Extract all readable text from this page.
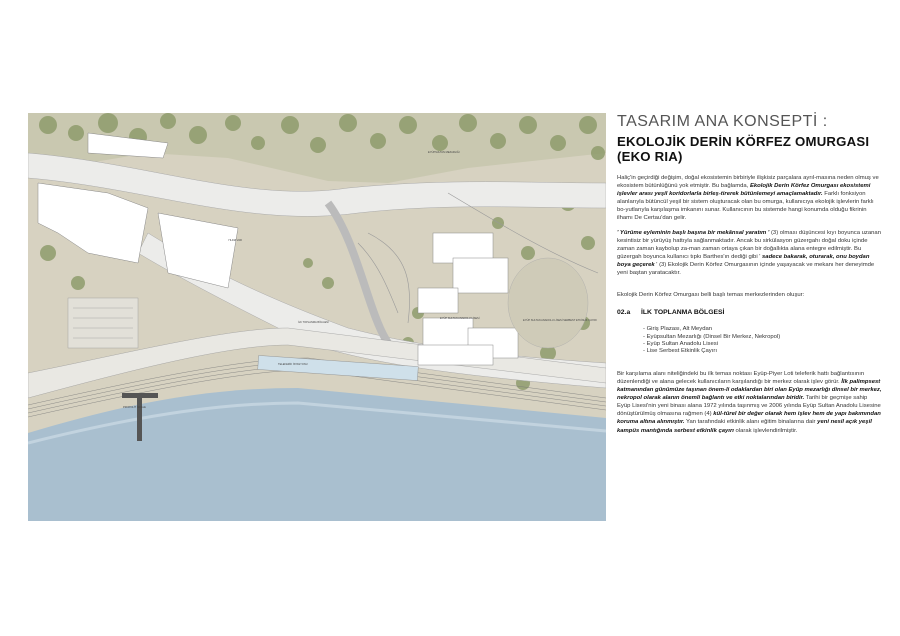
EYÜPSULTAN MEZARLIĞI
EYÜP SULTAN ANADOLU LİSESİ
EYÜP SULTAN ANADOLU LİSESİ SERBEST ETKİNLİK ÇAYIRI
İLK TOPLANMA BÖLGESİ
TELEFERİK İSTASYONU
PROPOLİT İSKELE
YILDIZ VAR

TASARIM ANA KONSEPTİ :

EKOLOJİK DERİN KÖRFEZ OMURGASI
(EKO RIA)

Haliç'in geçirdiği değişim, doğal ekosistemin birbiriyle ilişkisiz parçalara ayrıl-masına neden olmuş ve ekosistem bütünlüğünü yok etmiştir. Bu bağlamda, Ekolojik Derin Körfez Omurgası ekosistemi işlevler arası yeşil koridorlarla birleş-tirerek bütünlemeyi amaçlamaktadır. Farklı fonksiyon alanlarıyla bütüncül yeşil bir sistem oluşturacak olan bu omurga, kullanıcıya ekolojik işlevlerin farklı bo-yutlarıyla karşılaşma imkanını sunar. Kullanıcının bu sistemde hangi konumda olduğu fikrinin ilhamı De Certau'dan gelir.

' Yürüme eyleminin başlı başına bir mekânsal yaratım ' (3) olması düşüncesi kıyı boyunca uzanan kesintisiz bir yürüyüş hattıyla sağlanmaktadır. Ancak bu sirkülasyon güzergahı doğal doku içinde zaman zaman kaybolup za-man zaman ortaya çıkan bir doğallıkta alana entegre edilmiştir. Bu güzergah boyunca kullanıcı tıpkı Barthes'ın dediği gibi ' sadece bakarak, oturarak, onu boydan boya geçerek ' (3) Ekolojik Derin Körfez Omurgasının içinde yaşayacak ve mekanı her deneyimde yeni baştan yaratacaktır.

Ekolojik Derin Körfez Omurgası belli başlı temas merkezlerinden oluşur:

02.a İLK TOPLANMA BÖLGESİ
- Giriş Plazası, Alt Meydan
- Eyüpsultan Mezarlığı (Dinsel Bir Merkez, Nekropol)
- Eyüp Sultan Anadolu Lisesi
- Lise Serbest Etkinlik Çayırı

Bir karşılama alanı niteliğindeki bu ilk temas noktası Eyüp-Piyer Loti teleferik hattı bağlantısının düzenlendiği ve alana gelecek kullanıcıların karşılandığı bir merkez olarak işlev görür. İlk palimpsest katmanından günümüze taşınan önem-li odaklardan biri olan Eyüp mezarlığı dinsel bir merkez, nekropol olarak alanın önemli bağlantı ve etki noktalarından biridir. Tarihi bir geçmişe sahip Eyüp Lisesi'nin yeni binası alana 1972 yılında taşınmış ve 2006 yılında Eyüp Sultan Anadolu Lisesine dönüştürülmüş olmasına rağmen (4) kül-türel bir değer olarak hem işlev hem de yapı bakımından koruma altına alınmıştır. Yan tarafındaki etkinlik alanı eğitim binalarına dair yeni nesil açık yeşil kampüs mantığında serbest etkinlik çayırı olarak işlevlendirilmiştir.
